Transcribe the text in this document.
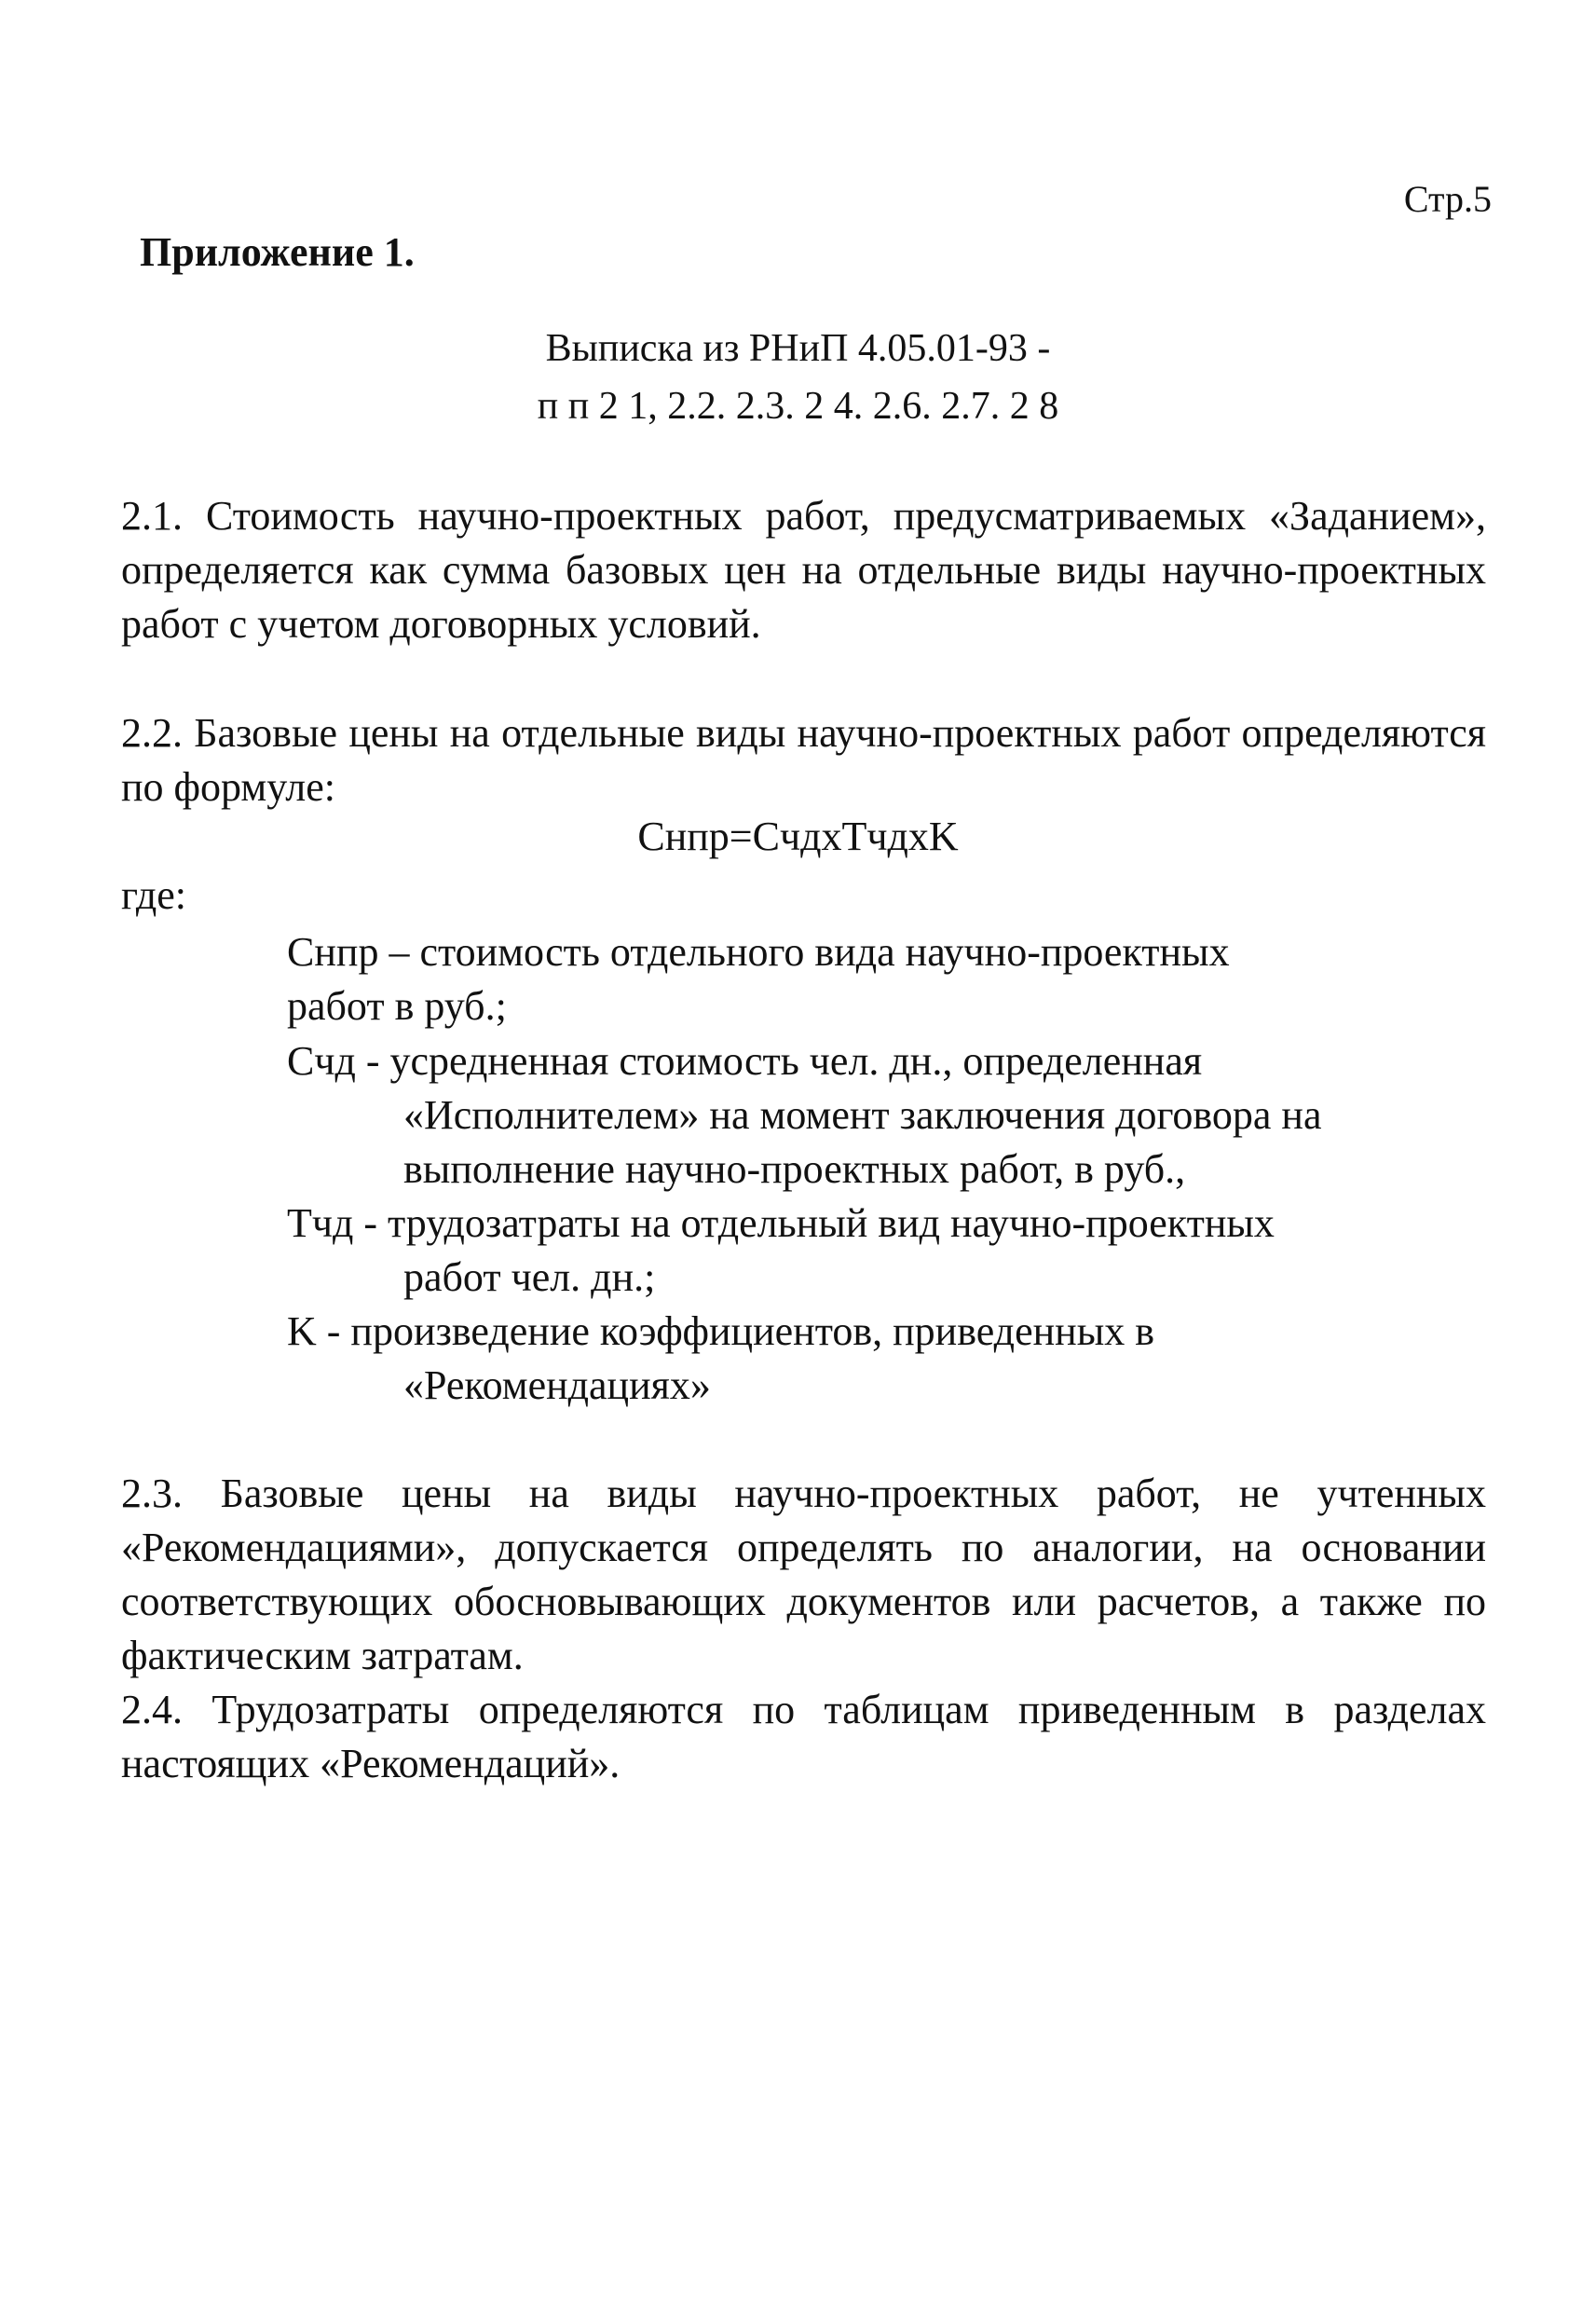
Стр.5
Приложение 1.
Выписка из РНиП 4.05.01-93 -
п п 2 1, 2.2. 2.3. 2 4. 2.6. 2.7. 2 8
2.1. Стоимость научно-проектных работ, предусматриваемых «Заданием», определяется как сумма базовых цен на отдельные виды научно-проектных работ с учетом договорных условий.
2.2. Базовые цены на отдельные виды научно-проектных работ определяются по формуле:
Cнпр=CчдxTчдxK
где:
Cнпр – стоимость отдельного вида научно-проектных
работ в руб.;
Cчд - усредненная стоимость чел. дн., определенная
«Исполнителем» на момент заключения договора на выполнение научно-проектных работ, в руб.,
Tчд - трудозатраты на отдельный вид научно-проектных
работ чел. дн.;
K - произведение коэффициентов, приведенных в
«Рекомендациях»
2.3. Базовые цены на виды научно-проектных работ, не учтенных «Рекомендациями», допускается определять по аналогии, на основании соответствующих обосновывающих документов или расчетов, а также по фактическим затратам.
2.4. Трудозатраты определяются по таблицам приведенным в разделах настоящих «Рекомендаций».
